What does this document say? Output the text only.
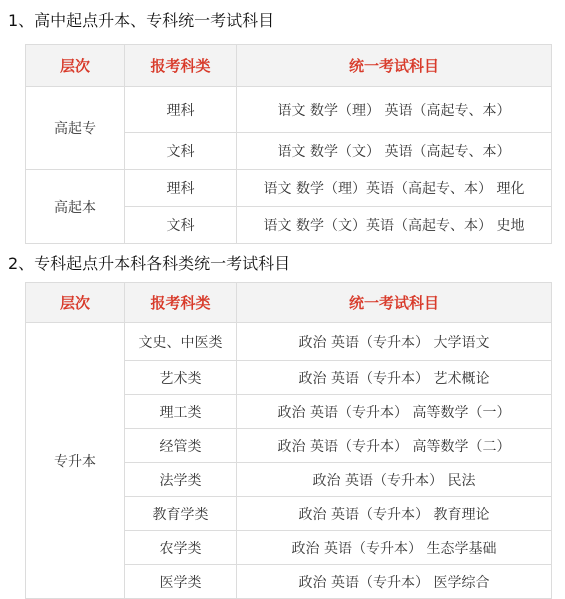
1、高中起点升本、专科统一考试科目
层次	报考科类	统一考试科目
高起专	理科	语文 数学（理） 英语（高起专、本）
	文科	语文 数学（文） 英语（高起专、本）
高起本	理科	语文 数学（理）英语（高起专、本） 理化
	文科	语文 数学（文）英语（高起专、本） 史地
2、专科起点升本科各科类统一考试科目
层次	报考科类	统一考试科目
专升本	文史、中医类	政治 英语（专升本） 大学语文
	艺术类	政治 英语（专升本） 艺术概论
	理工类	政治 英语（专升本） 高等数学（一）
	经管类	政治 英语（专升本） 高等数学（二）
	法学类	政治 英语（专升本） 民法
	教育学类	政治 英语（专升本） 教育理论
	农学类	政治 英语（专升本） 生态学基础
	医学类	政治 英语（专升本） 医学综合
